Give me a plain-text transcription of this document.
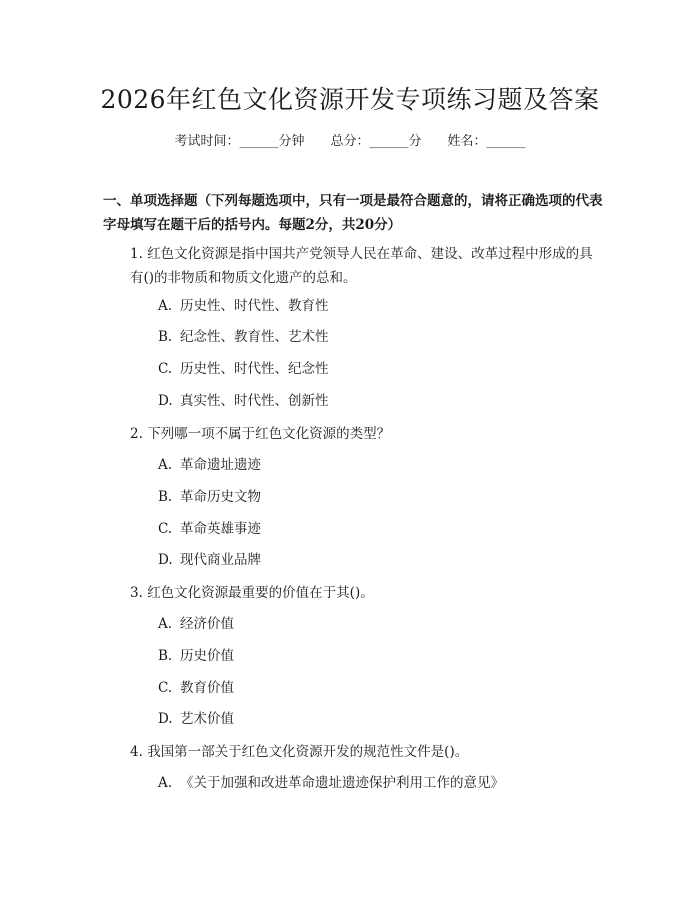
2026年红色文化资源开发专项练习题及答案
考试时间：______分钟 总分：______分 姓名：______
一、单项选择题（下列每题选项中，只有一项是最符合题意的，请将正确选项的代表字母填写在题干后的括号内。每题2分，共20分）
1. 红色文化资源是指中国共产党领导人民在革命、建设、改革过程中形成的具有()的非物质和物质文化遗产的总和。
A. 历史性、时代性、教育性
B. 纪念性、教育性、艺术性
C. 历史性、时代性、纪念性
D. 真实性、时代性、创新性
2. 下列哪一项不属于红色文化资源的类型？
A. 革命遗址遗迹
B. 革命历史文物
C. 革命英雄事迹
D. 现代商业品牌
3. 红色文化资源最重要的价值在于其()。
A. 经济价值
B. 历史价值
C. 教育价值
D. 艺术价值
4. 我国第一部关于红色文化资源开发的规范性文件是()。
A. 《关于加强和改进革命遗址遗迹保护利用工作的意见》
